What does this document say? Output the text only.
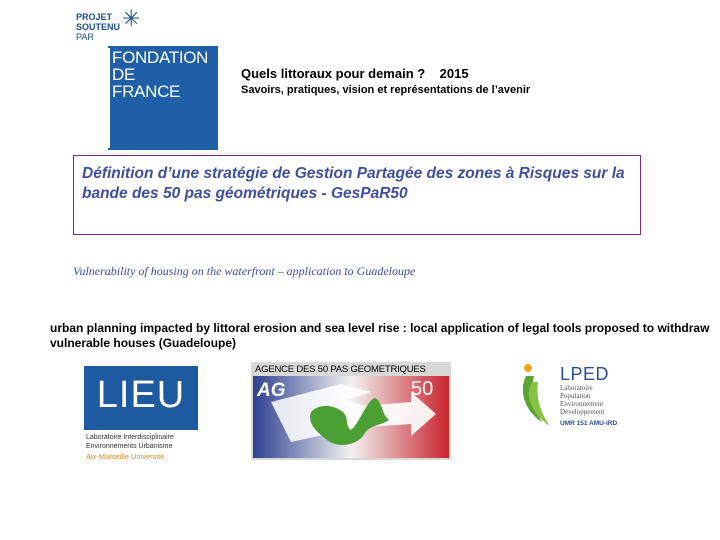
PROJET
SOUTENU
PAR
✳
FONDATION
DE
FRANCE
Quels littoraux pour demain ?    2015
Savoirs, pratiques, vision et représentations de l’avenir
Définition d’une stratégie de Gestion Partagée des zones à Risques sur la bande des 50 pas géométriques - GesPaR50
Vulnerability of housing on the waterfront – application to Guadeloupe
urban planning impacted by littoral erosion and sea level rise : local application of legal tools proposed to withdraw vulnerable houses (Guadeloupe)
LIEU
Laboratoire Interdisciplinaire
Environnements Urbanisme
Aix-Marseille Université
AGENCE DES 50 PAS GEOMETRIQUES
AG	50
LPED
Laboratoire
Population
Environnement
Développement
UMR 151 AMU-IRD
